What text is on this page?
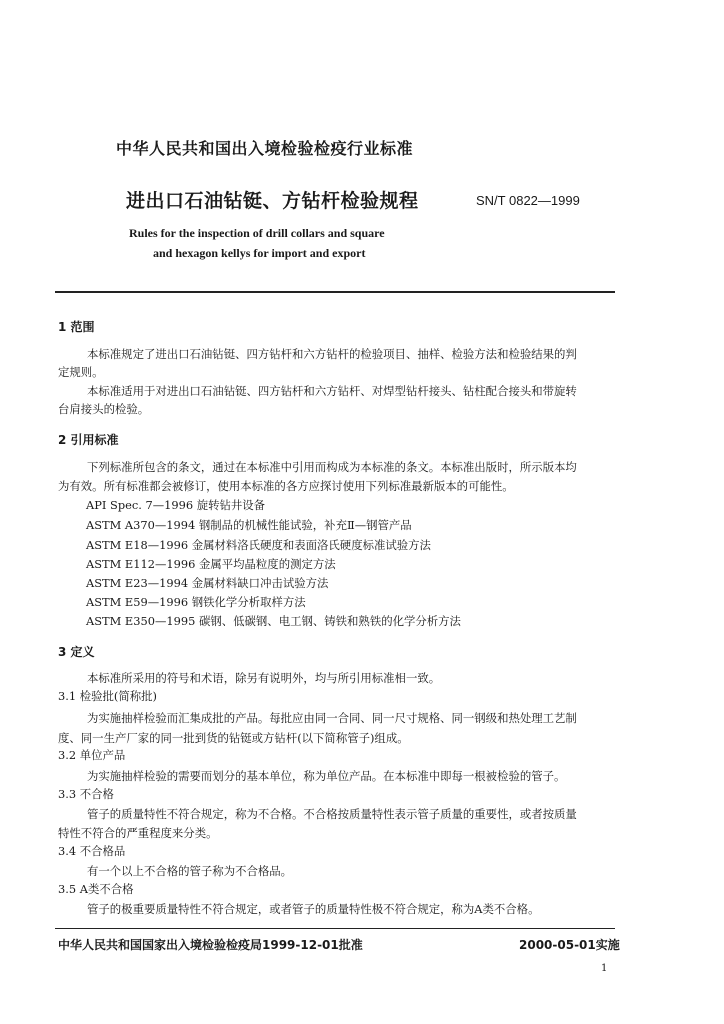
中华人民共和国出入境检验检疫行业标准
进出口石油钻铤、方钻杆检验规程	SN/T 0822—1999
Rules for the inspection of drill collars and square
and hexagon kellys for import and export
1 范围
本标准规定了进出口石油钻铤、四方钻杆和六方钻杆的检验项目、抽样、检验方法和检验结果的判
定规则。
本标准适用于对进出口石油钻铤、四方钻杆和六方钻杆、对焊型钻杆接头、钻柱配合接头和带旋转
台肩接头的检验。
2 引用标准
下列标准所包含的条文，通过在本标准中引用而构成为本标准的条文。本标准出版时，所示版本均
为有效。所有标准都会被修订，使用本标准的各方应探讨使用下列标准最新版本的可能性。
API Spec. 7—1996 旋转钻井设备
ASTM A370—1994 钢制品的机械性能试验，补充Ⅱ—钢管产品
ASTM E18—1996 金属材料洛氏硬度和表面洛氏硬度标准试验方法
ASTM E112—1996 金属平均晶粒度的测定方法
ASTM E23—1994 金属材料缺口冲击试验方法
ASTM E59—1996 钢铁化学分析取样方法
ASTM E350—1995 碳钢、低碳钢、电工钢、铸铁和熟铁的化学分析方法
3 定义
本标准所采用的符号和术语，除另有说明外，均与所引用标准相一致。
3.1 检验批(简称批)
为实施抽样检验而汇集成批的产品。每批应由同一合同、同一尺寸规格、同一钢级和热处理工艺制
度、同一生产厂家的同一批到货的钻铤或方钻杆(以下简称管子)组成。
3.2 单位产品
为实施抽样检验的需要而划分的基本单位，称为单位产品。在本标准中即每一根被检验的管子。
3.3 不合格
管子的质量特性不符合规定，称为不合格。不合格按质量特性表示管子质量的重要性，或者按质量
特性不符合的严重程度来分类。
3.4 不合格品
有一个以上不合格的管子称为不合格品。
3.5 A类不合格
管子的极重要质量特性不符合规定，或者管子的质量特性极不符合规定，称为A类不合格。
中华人民共和国国家出入境检验检疫局1999-12-01批准	2000-05-01实施
1
